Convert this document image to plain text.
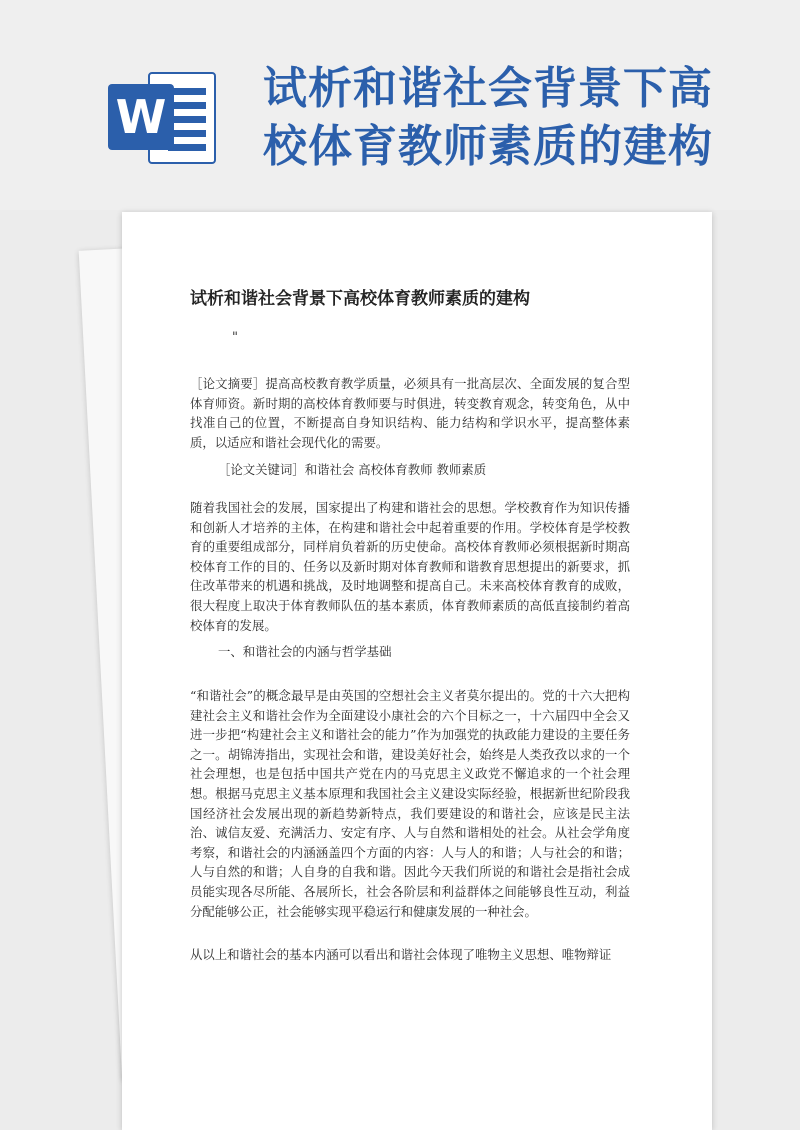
W
试析和谐社会背景下高校体育教师素质的建构
试析和谐社会背景下高校体育教师素质的建构
"

［论文摘要］提高高校教育教学质量，必须具有一批高层次、全面发展的复合型体育师资。新时期的高校体育教师要与时俱进，转变教育观念，转变角色，从中找准自己的位置，不断提高自身知识结构、能力结构和学识水平，提高整体素质，以适应和谐社会现代化的需要。

［论文关键词］和谐社会 高校体育教师 教师素质

随着我国社会的发展，国家提出了构建和谐社会的思想。学校教育作为知识传播和创新人才培养的主体，在构建和谐社会中起着重要的作用。学校体育是学校教育的重要组成部分，同样肩负着新的历史使命。高校体育教师必须根据新时期高校体育工作的目的、任务以及新时期对体育教师和谐教育思想提出的新要求，抓住改革带来的机遇和挑战，及时地调整和提高自己。未来高校体育教育的成败，很大程度上取决于体育教师队伍的基本素质，体育教师素质的高低直接制约着高校体育的发展。

一、和谐社会的内涵与哲学基础

“和谐社会”的概念最早是由英国的空想社会主义者莫尔提出的。党的十六大把构建社会主义和谐社会作为全面建设小康社会的六个目标之一，十六届四中全会又进一步把“构建社会主义和谐社会的能力”作为加强党的执政能力建设的主要任务之一。胡锦涛指出，实现社会和谐，建设美好社会，始终是人类孜孜以求的一个社会理想，也是包括中国共产党在内的马克思主义政党不懈追求的一个社会理想。根据马克思主义基本原理和我国社会主义建设实际经验，根据新世纪阶段我国经济社会发展出现的新趋势新特点，我们要建设的和谐社会，应该是民主法治、诚信友爱、充满活力、安定有序、人与自然和谐相处的社会。从社会学角度考察，和谐社会的内涵涵盖四个方面的内容：人与人的和谐；人与社会的和谐；人与自然的和谐；人自身的自我和谐。因此今天我们所说的和谐社会是指社会成员能实现各尽所能、各展所长，社会各阶层和利益群体之间能够良性互动，利益分配能够公正，社会能够实现平稳运行和健康发展的一种社会。

从以上和谐社会的基本内涵可以看出和谐社会体现了唯物主义思想、唯物辩证
